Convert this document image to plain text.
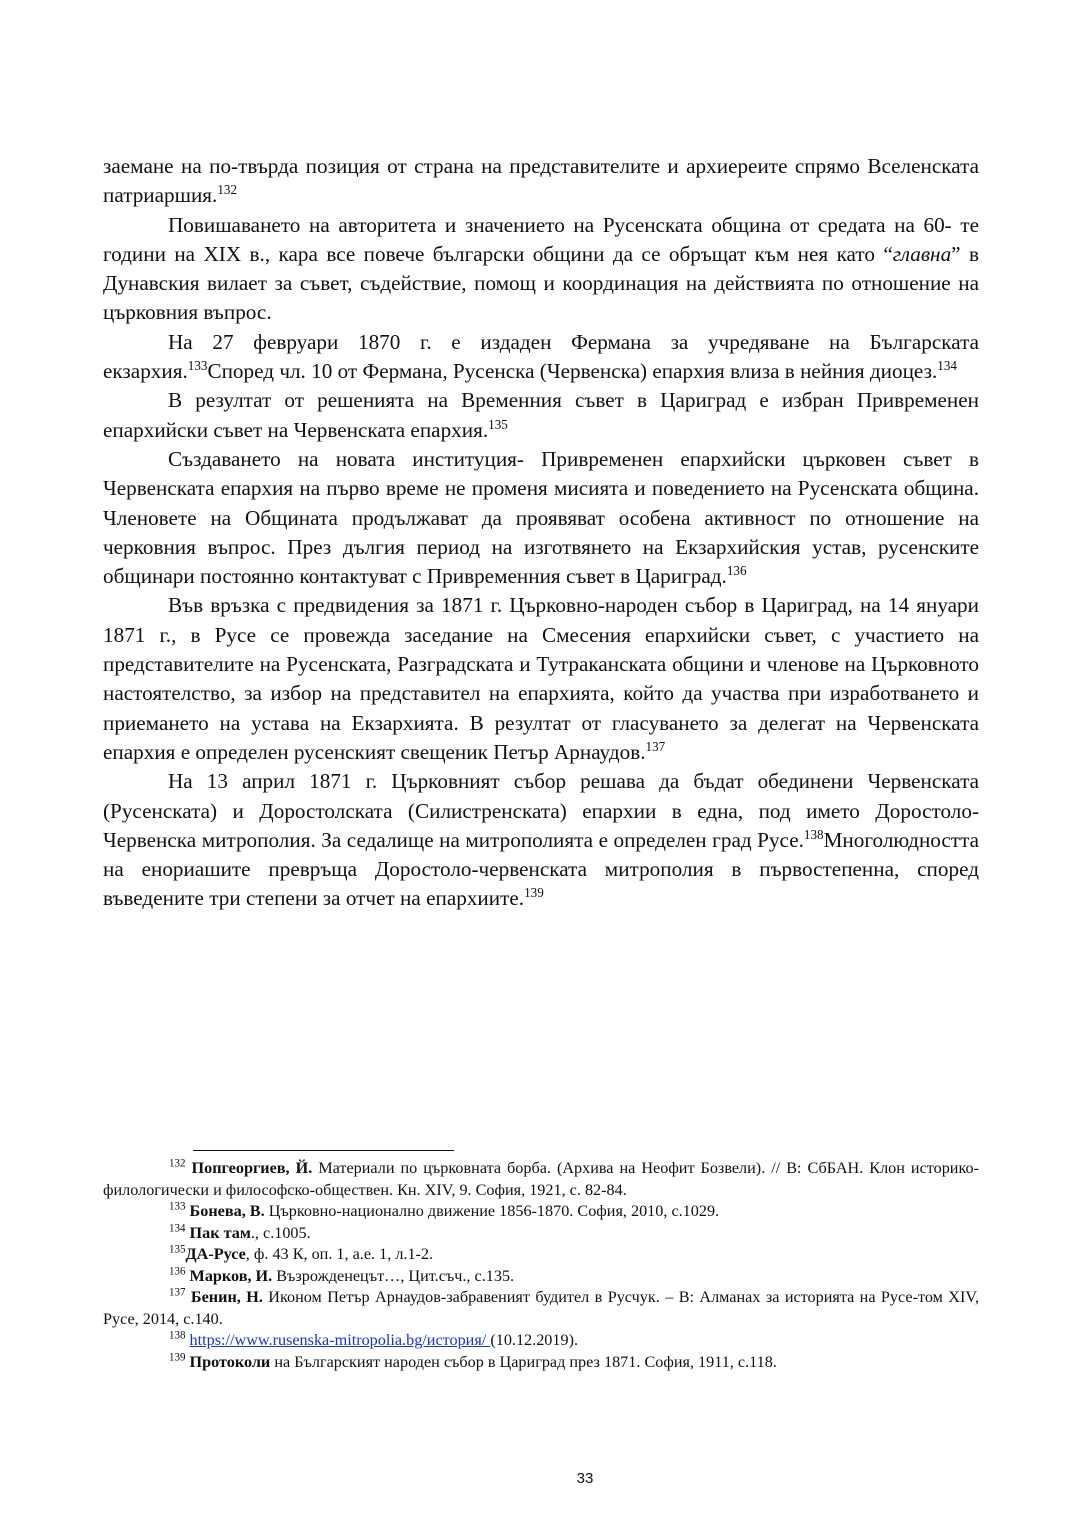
заемане на по-твърда позиция от страна на представителите и архиереите спрямо Вселенската патриаршия.$^{132}$

Повишаването на авторитета и значението на Русенската община от средата на 60- те години на XIX в., кара все повече български общини да се обръщат към нея като “главна” в Дунавския вилает за съвет, съдействие, помощ и координация на действията по отношение на църковния въпрос.

На 27 февруари 1870 г. е издаден Фермана за учредяване на Българската екзархия.$^{133}$Според чл. 10 от Фермана, Русенска (Червенска) епархия влиза в нейния диоцез.$^{134}$

В резултат от решенията на Временния съвет в Цариград е избран Привременен епархийски съвет на Червенската епархия.$^{135}$

Създаването на новата институция- Привременен епархийски църковен съвет в Червенската епархия на първо време не променя мисията и поведението на Русенската община. Членовете на Общината продължават да проявяват особена активност по отношение на черковния въпрос. През дългия период на изготвянето на Екзархийския устав, русенските общинари постоянно контактуват с Привременния съвет в Цариград.$^{136}$

Във връзка с предвидения за 1871 г. Църковно-народен събор в Цариград, на 14 януари 1871 г., в Русе се провежда заседание на Смесения епархийски съвет, с участието на представителите на Русенската, Разградската и Тутраканската общини и членове на Църковното настоятелство, за избор на представител на епархията, който да участва при изработването и приемането на устава на Екзархията. В резултат от гласуването за делегат на Червенската епархия е определен русенският свещеник Петър Арнаудов.$^{137}$

На 13 април 1871 г. Църковният събор решава да бъдат обединени Червенската (Русенската) и Доростолската (Силистренската) епархии в една, под името Доростоло-Червенска митрополия. За седалище на митрополията е определен град Русе.$^{138}$Многолюдността на енориашите превръща Доростоло-червенската митрополия в първостепенна, според въведените три степени за отчет на епархиите.$^{139}$

$^{132}$ Попгеоргиев, Й. Материали по църковната борба. (Архива на Неофит Бозвели). // В: СбБАН. Клон историко-филологически и философско-обществен. Кн. XIV, 9. София, 1921, с. 82-84.

$^{133}$ Бонева, В. Църковно-национално движение 1856-1870. София, 2010, с.1029.

$^{134}$ Пак там., с.1005.

$^{135}$ДА-Русе, ф. 43 К, оп. 1, а.е. 1, л.1-2.

$^{136}$ Марков, И. Възрожденецът…, Цит.съч., с.135.

$^{137}$ Бенин, Н. Иконом Петър Арнаудов-забравеният будител в Русчук. – В: Алманах за историята на Русе-том XIV, Русе, 2014, с.140.

$^{138}$ https://www.rusenska-mitropolia.bg/история/ (10.12.2019).

$^{139}$ Протоколи на Българският народен събор в Цариград през 1871. София, 1911, с.118.

33
